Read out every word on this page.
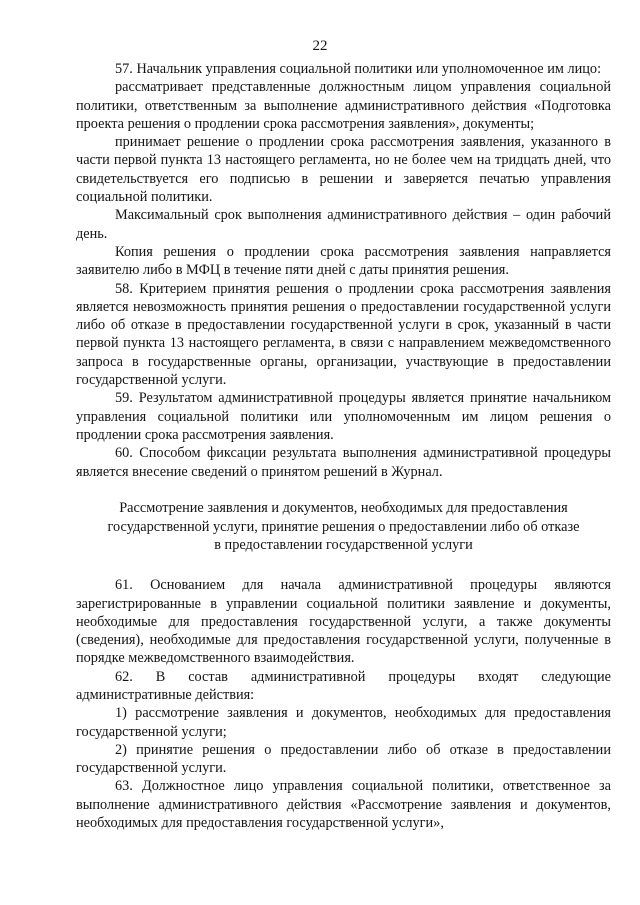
22

57. Начальник управления социальной политики или уполномоченное им лицо:

рассматривает представленные должностным лицом управления социальной политики, ответственным за выполнение административного действия «Подготовка проекта решения о продлении срока рассмотрения заявления», документы;

принимает решение о продлении срока рассмотрения заявления, указанного в части первой пункта 13 настоящего регламента, но не более чем на тридцать дней, что свидетельствуется его подписью в решении и заверяется печатью управления социальной политики.

Максимальный срок выполнения административного действия – один рабочий день.

Копия решения о продлении срока рассмотрения заявления направляется заявителю либо в МФЦ в течение пяти дней с даты принятия решения.

58. Критерием принятия решения о продлении срока рассмотрения заявления является невозможность принятия решения о предоставлении государственной услуги либо об отказе в предоставлении государственной услуги в срок, указанный в части первой пункта 13 настоящего регламента, в связи с направлением межведомственного запроса в государственные органы, организации, участвующие в предоставлении государственной услуги.

59. Результатом административной процедуры является принятие начальником управления социальной политики или уполномоченным им лицом решения о продлении срока рассмотрения заявления.

60. Способом фиксации результата выполнения административной процедуры является внесение сведений о принятом решений в Журнал.

Рассмотрение заявления и документов, необходимых для предоставления
государственной услуги, принятие решения о предоставлении либо об отказе
в предоставлении государственной услуги

61. Основанием для начала административной процедуры являются зарегистрированные в управлении социальной политики заявление и документы, необходимые для предоставления государственной услуги, а также документы (сведения), необходимые для предоставления государственной услуги, полученные в порядке межведомственного взаимодействия.

62. В состав административной процедуры входят следующие административные действия:

1) рассмотрение заявления и документов, необходимых для предоставления государственной услуги;

2) принятие решения о предоставлении либо об отказе в предоставлении государственной услуги.

63. Должностное лицо управления социальной политики, ответственное за выполнение административного действия «Рассмотрение заявления и документов, необходимых для предоставления государственной услуги»,
